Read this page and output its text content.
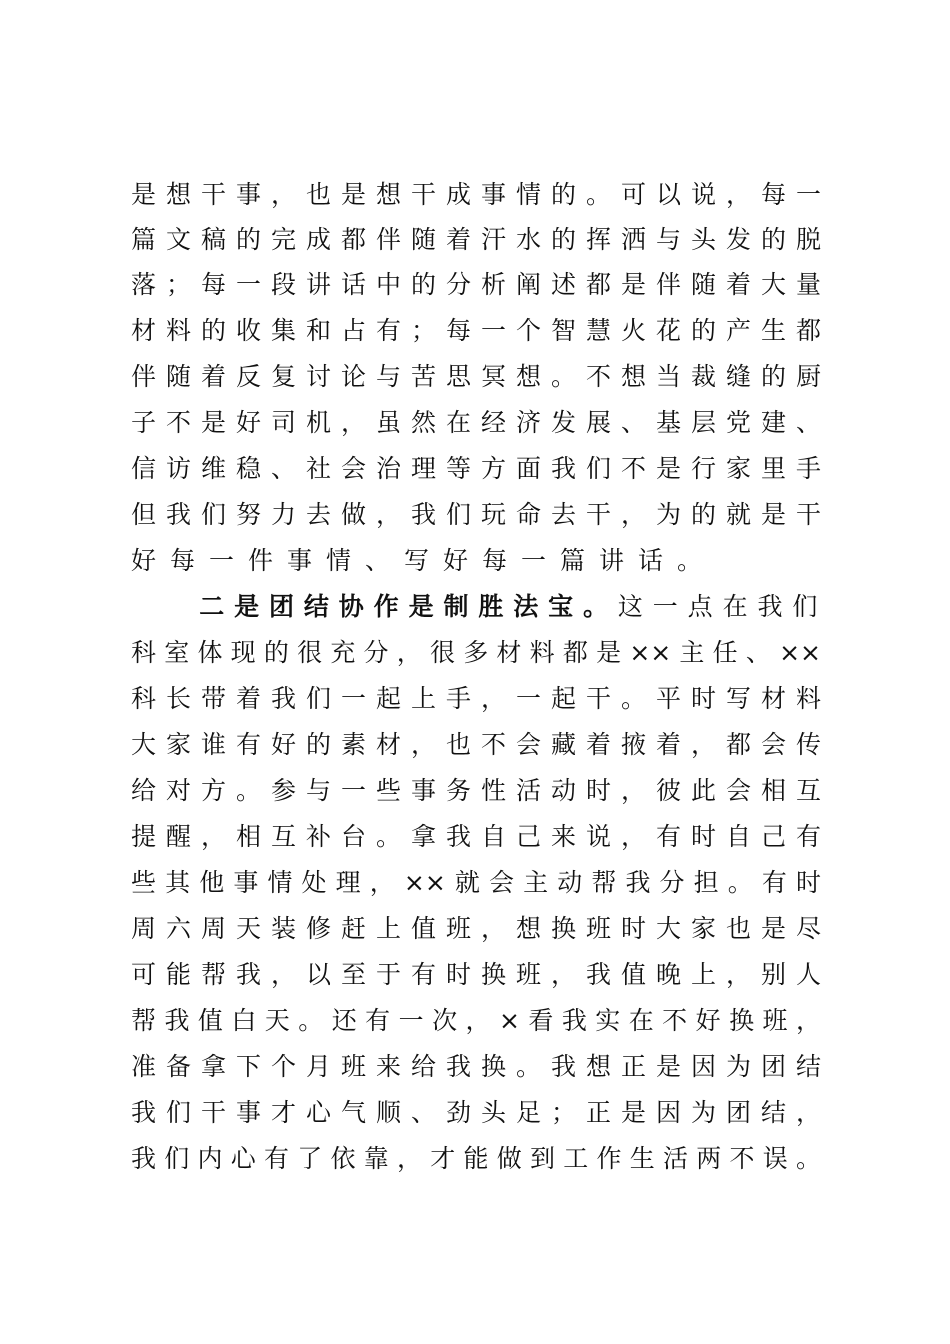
是想干事，也是想干成事情的。可以说，每一
篇文稿的完成都伴随着汗水的挥洒与头发的脱
落；每一段讲话中的分析阐述都是伴随着大量
材料的收集和占有；每一个智慧火花的产生都
伴随着反复讨论与苦思冥想。不想当裁缝的厨
子不是好司机，虽然在经济发展、基层党建、
信访维稳、社会治理等方面我们不是行家里手
但我们努力去做，我们玩命去干，为的就是干
好每一件事情、写好每一篇讲话。
二是团结协作是制胜法宝。这一点在我们
科室体现的很充分，很多材料都是××主任、××
科长带着我们一起上手，一起干。平时写材料
大家谁有好的素材，也不会藏着掖着，都会传
给对方。参与一些事务性活动时，彼此会相互
提醒，相互补台。拿我自己来说，有时自己有
些其他事情处理，××就会主动帮我分担。有时
周六周天装修赶上值班，想换班时大家也是尽
可能帮我，以至于有时换班，我值晚上，别人
帮我值白天。还有一次，×看我实在不好换班，
准备拿下个月班来给我换。我想正是因为团结
我们干事才心气顺、劲头足；正是因为团结，
我们内心有了依靠，才能做到工作生活两不误。
